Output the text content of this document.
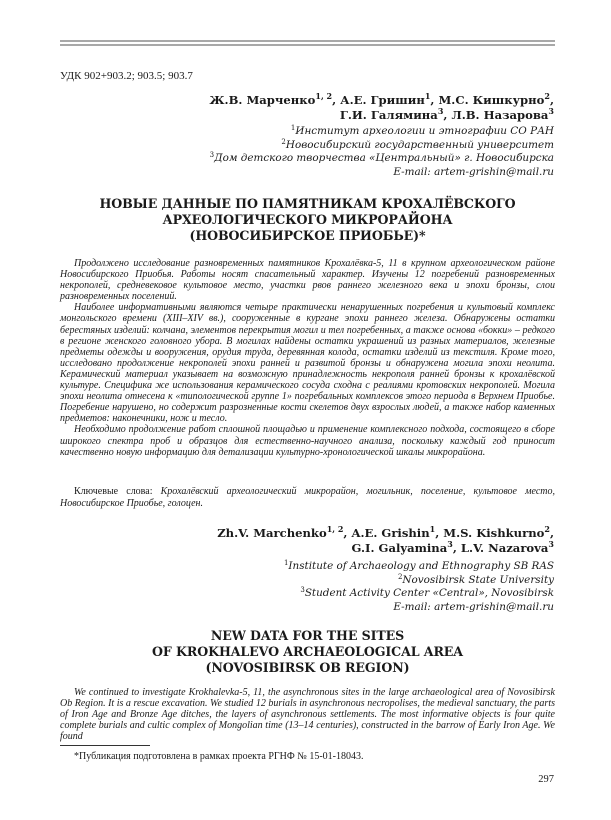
УДК 902+903.2; 903.5; 903.7
Ж.В. Марченко$^{1, 2}$, А.Е. Гришин$^1$, М.С. Кишкурно$^2$,
Г.И. Галямина$^3$, Л.В. Назарова$^3$
$^1$Институт археологии и этнографии СО РАН
$^2$Новосибирский государственный университет
$^3$Дом детского творчества «Центральный» г. Новосибирска
E-mail: artem-grishin@mail.ru
НОВЫЕ ДАННЫЕ ПО ПАМЯТНИКАМ КРОХАЛЁВСКОГО
АРХЕОЛОГИЧЕСКОГО МИКРОРАЙОНА
(НОВОСИБИРСКОЕ ПРИОБЬЕ)*

Продолжено исследование разновременных памятников Крохалёвка-5, 11 в крупном археологическом районе Новосибирского Приобья. Работы носят спасательный характер. Изучены 12 погребений разновременных некрополей, средневековое культовое место, участки рвов раннего железного века и эпохи бронзы, слои разновременных поселений.

Наиболее информативными являются четыре практически ненарушенных погребения и культовый комплекс монгольского времени (XIII–XIV вв.), сооруженные в кургане эпохи раннего железа. Обнаружены остатки берестяных изделий: колчана, элементов перекрытия могил и тел погребенных, а также основа «бокки» – редкого в регионе женского головного убора. В могилах найдены остатки украшений из разных материалов, железные предметы одежды и вооружения, орудия труда, деревянная колода, остатки изделий из текстиля. Кроме того, исследовано продолжение некрополей эпохи ранней и развитой бронзы и обнаружена могила эпохи неолита. Керамический материал указывает на возможную принадлежность некрополя ранней бронзы к крохалёвской культуре. Специфика же использования керамического сосуда сходна с реалиями кротовских некрополей. Могила эпохи неолита отнесена к «типологической группе 1» погребальных комплексов этого периода в Верхнем Приобье. Погребение нарушено, но содержит разрозненные кости скелетов двух взрослых людей, а также набор каменных предметов: наконечники, нож и тесло.

Необходимо продолжение работ сплошной площадью и применение комплексного подхода, состоящего в сборе широкого спектра проб и образцов для естественно-научного анализа, поскольку каждый год приносит качественно новую информацию для детализации культурно-хронологической шкалы микрорайона.

Ключевые слова: Крохалёвский археологический микрорайон, могильник, поселение, культовое место, Новосибирское Приобье, голоцен.
Zh.V. Marchenko$^{1, 2}$, A.E. Grishin$^1$, M.S. Kishkurno$^2$,
G.I. Galyamina$^3$, L.V. Nazarova$^3$
$^1$Institute of Archaeology and Ethnography SB RAS
$^2$Novosibirsk State University
$^3$Student Activity Center «Central», Novosibirsk
E-mail: artem-grishin@mail.ru
NEW DATA FOR THE SITES
OF KROKHALEVO ARCHAEOLOGICAL AREA
(NOVOSIBIRSK OB REGION)

We continued to investigate Krokhalevka-5, 11, the asynchronous sites in the large archaeological area of Novosibirsk Ob Region. It is a rescue excavation. We studied 12 burials in asynchronous necropolises, the medieval sanctuary, the parts of Iron Age and Bronze Age ditches, the layers of asynchronous settlements. The most informative objects is four quite complete burials and cultic complex of Mongolian time (13–14 centuries), constructed in the barrow of Early Iron Age. We found

*Публикация подготовлена в рамках проекта РГНФ № 15-01-18043.
297
